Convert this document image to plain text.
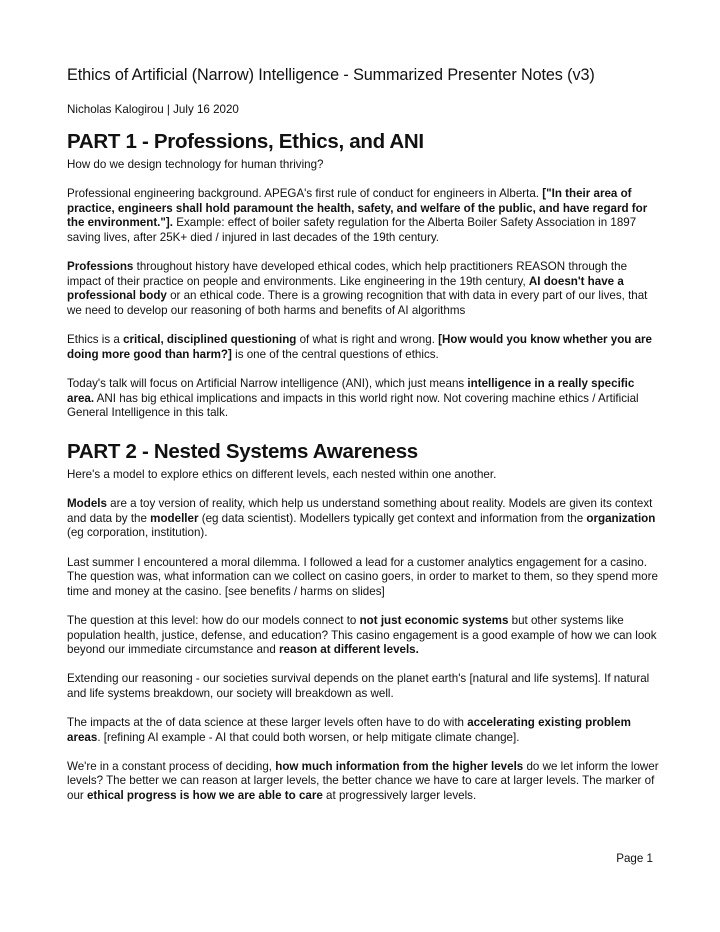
Ethics of Artificial (Narrow) Intelligence - Summarized Presenter Notes (v3)
Nicholas Kalogirou | July 16 2020
PART 1 - Professions, Ethics, and ANI

How do we design technology for human thriving?

Professional engineering background. APEGA's first rule of conduct for engineers in Alberta. ["In their area of practice, engineers shall hold paramount the health, safety, and welfare of the public, and have regard for the environment."]. Example: effect of boiler safety regulation for the Alberta Boiler Safety Association in 1897 saving lives, after 25K+ died / injured in last decades of the 19th century.

Professions throughout history have developed ethical codes, which help practitioners REASON through the impact of their practice on people and environments. Like engineering in the 19th century, AI doesn't have a professional body or an ethical code. There is a growing recognition that with data in every part of our lives, that we need to develop our reasoning of both harms and benefits of AI algorithms

Ethics is a critical, disciplined questioning of what is right and wrong. [How would you know whether you are doing more good than harm?] is one of the central questions of ethics.

Today's talk will focus on Artificial Narrow intelligence (ANI), which just means intelligence in a really specific area. ANI has big ethical implications and impacts in this world right now. Not covering machine ethics / Artificial General Intelligence in this talk.

PART 2 - Nested Systems Awareness

Here's a model to explore ethics on different levels, each nested within one another.

Models are a toy version of reality, which help us understand something about reality. Models are given its context and data by the modeller (eg data scientist). Modellers typically get context and information from the organization (eg corporation, institution).

Last summer I encountered a moral dilemma. I followed a lead for a customer analytics engagement for a casino. The question was, what information can we collect on casino goers, in order to market to them, so they spend more time and money at the casino. [see benefits / harms on slides]

The question at this level: how do our models connect to not just economic systems but other systems like population health, justice, defense, and education? This casino engagement is a good example of how we can look beyond our immediate circumstance and reason at different levels.

Extending our reasoning - our societies survival depends on the planet earth's [natural and life systems]. If natural and life systems breakdown, our society will breakdown as well.

The impacts at the of data science at these larger levels often have to do with accelerating existing problem areas. [refining AI example - AI that could both worsen, or help mitigate climate change].

We're in a constant process of deciding, how much information from the higher levels do we let inform the lower levels? The better we can reason at larger levels, the better chance we have to care at larger levels. The marker of our ethical progress is how we are able to care at progressively larger levels.

Page 1
